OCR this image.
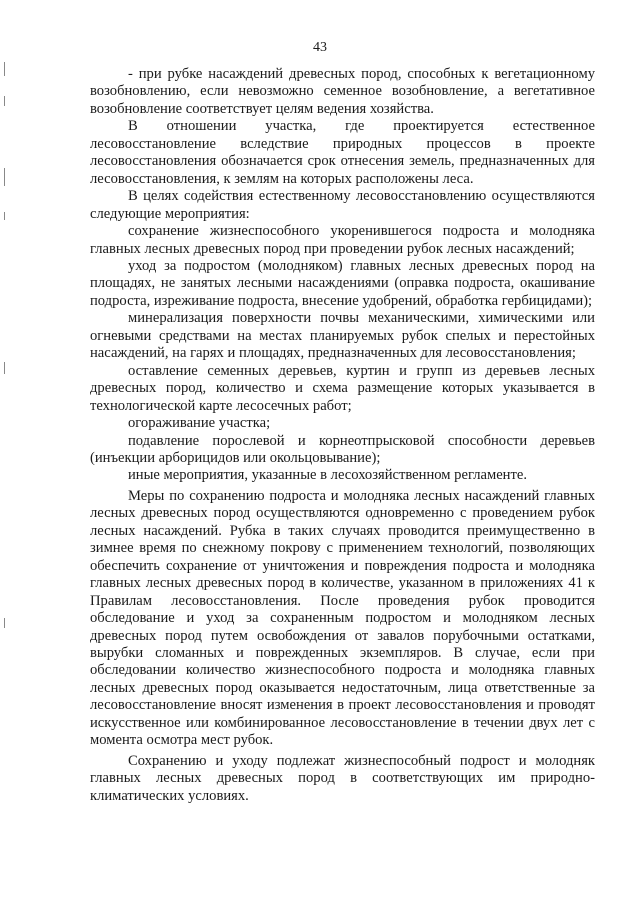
43

- при рубке насаждений древесных пород, способных к вегетационному возобновлению, если невозможно семенное возобновление, а вегетативное возобновление соответствует целям ведения хозяйства.

В отношении участка, где проектируется естественное лесовосстановление вследствие природных процессов в проекте лесовосстановления обозначается срок отнесения земель, предназначенных для лесовосстановления, к землям на которых расположены леса.

В целях содействия естественному лесовосстановлению осуществляются следующие мероприятия:

сохранение жизнеспособного укоренившегося подроста и молодняка главных лесных древесных пород при проведении рубок лесных насаждений;

уход за подростом (молодняком) главных лесных древесных пород на площадях, не занятых лесными насаждениями (оправка подроста, окашивание подроста, изреживание подроста, внесение удобрений, обработка гербицидами);

минерализация поверхности почвы механическими, химическими или огневыми средствами на местах планируемых рубок спелых и перестойных насаждений, на гарях и площадях, предназначенных для лесовосстановления;

оставление семенных деревьев, куртин и групп из деревьев лесных древесных пород, количество и схема размещение которых указывается в технологической карте лесосечных работ;

огораживание участка;

подавление порослевой и корнеотпрысковой способности деревьев (инъекции арборицидов или окольцовывание);

иные мероприятия, указанные в лесохозяйственном регламенте.

Меры по сохранению подроста и молодняка лесных насаждений главных лесных древесных пород осуществляются одновременно с проведением рубок лесных насаждений. Рубка в таких случаях проводится преимущественно в зимнее время по снежному покрову с применением технологий, позволяющих обеспечить сохранение от уничтожения и повреждения подроста и молодняка главных лесных древесных пород в количестве, указанном в приложениях 41 к Правилам лесовосстановления. После проведения рубок проводится обследование и уход за сохраненным подростом и молодняком лесных древесных пород путем освобождения от завалов порубочными остатками, вырубки сломанных и поврежденных экземпляров. В случае, если при обследовании количество жизнеспособного подроста и молодняка главных лесных древесных пород оказывается недостаточным, лица ответственные за лесовосстановление вносят изменения в проект лесовосстановления и проводят искусственное или комбинированное лесовосстановление в течении двух лет с момента осмотра мест рубок.

Сохранению и уходу подлежат жизнеспособный подрост и молодняк главных лесных древесных пород в соответствующих им природно-климатических условиях.
